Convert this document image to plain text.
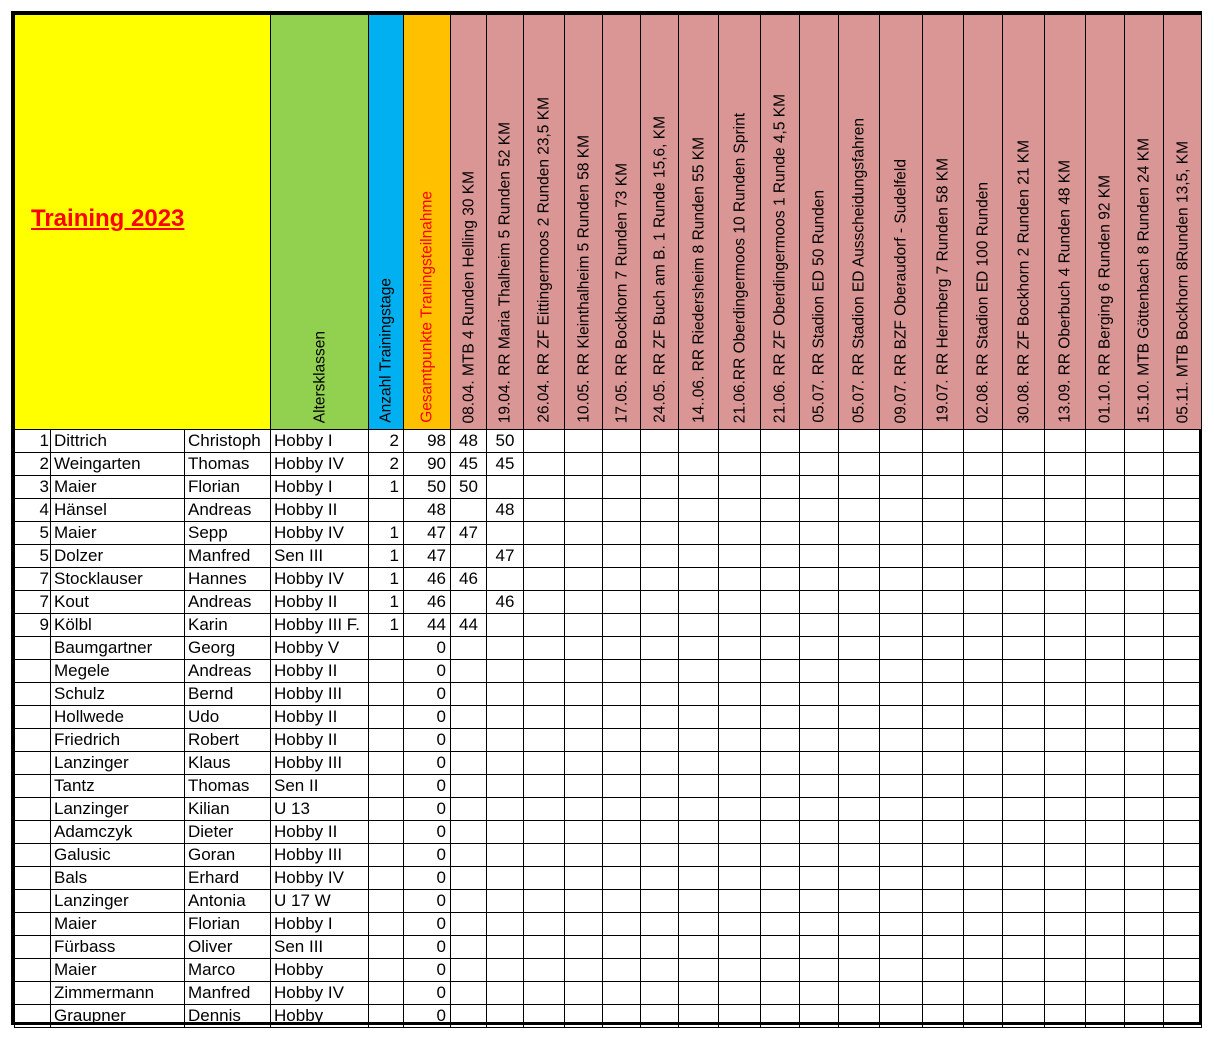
Training 2023			Altersklassen	Anzahl Trainingstage	Gesamtpunkte Traningsteilnahme	08.04. MTB 4 Runden Helling 30 KM	19.04. RR Maria Thalheim 5 Runden 52 KM	26.04. RR ZF Eittingermoos 2 Runden 23,5 KM	10.05. RR Kleinthalheim 5 Runden 58 KM	17.05. RR Bockhorn 7 Runden 73 KM	24.05. RR ZF Buch am B. 1 Runde 15,6, KM	14..06. RR Riedersheim 8 Runden 55 KM	21.06.RR Oberdingermoos 10 Runden Sprint	21.06. RR ZF Oberdingermoos 1 Runde 4,5 KM	05.07. RR Stadion ED 50 Runden	05.07. RR Stadion ED Ausscheidungsfahren	09.07. RR BZF Oberaudorf - Sudelfeld	19.07. RR Herrnberg 7 Runden 58 KM	02.08. RR Stadion ED 100 Runden	30.08. RR ZF Bockhorn 2 Runden 21 KM	13.09. RR Oberbuch 4 Runden 48 KM	01.10. RR Berging 6 Runden 92 KM	15.10. MTB Göttenbach 8 Runden 24 KM	05.11. MTB Bockhorn 8Runden 13,5, KM

1	Dittrich	Christoph	Hobby I	2	98	48	50																	
2	Weingarten	Thomas	Hobby IV	2	90	45	45																	
3	Maier	Florian	Hobby I	1	50	50																		
4	Hänsel	Andreas	Hobby II		48		48																	
5	Maier	Sepp	Hobby IV	1	47	47																		
5	Dolzer	Manfred	Sen III	1	47		47																	
7	Stocklauser	Hannes	Hobby IV	1	46	46																		
7	Kout	Andreas	Hobby II	1	46		46																	
9	Kölbl	Karin	Hobby III F.	1	44	44																		
	Baumgartner	Georg	Hobby V		0																			
	Megele	Andreas	Hobby II		0																			
	Schulz	Bernd	Hobby III		0																			
	Hollwede	Udo	Hobby II		0																			
	Friedrich	Robert	Hobby II		0																			
	Lanzinger	Klaus	Hobby III		0																			
	Tantz	Thomas	Sen II		0																			
	Lanzinger	Kilian	U 13		0																			
	Adamczyk	Dieter	Hobby II		0																			
	Galusic	Goran	Hobby III		0																			
	Bals	Erhard	Hobby IV		0																			
	Lanzinger	Antonia	U 17 W		0																			
	Maier	Florian	Hobby I		0																			
	Fürbass	Oliver	Sen III		0																			
	Maier	Marco	Hobby		0																			
	Zimmermann	Manfred	Hobby IV		0																			
	Graupner	Dennis	Hobby		0																			
